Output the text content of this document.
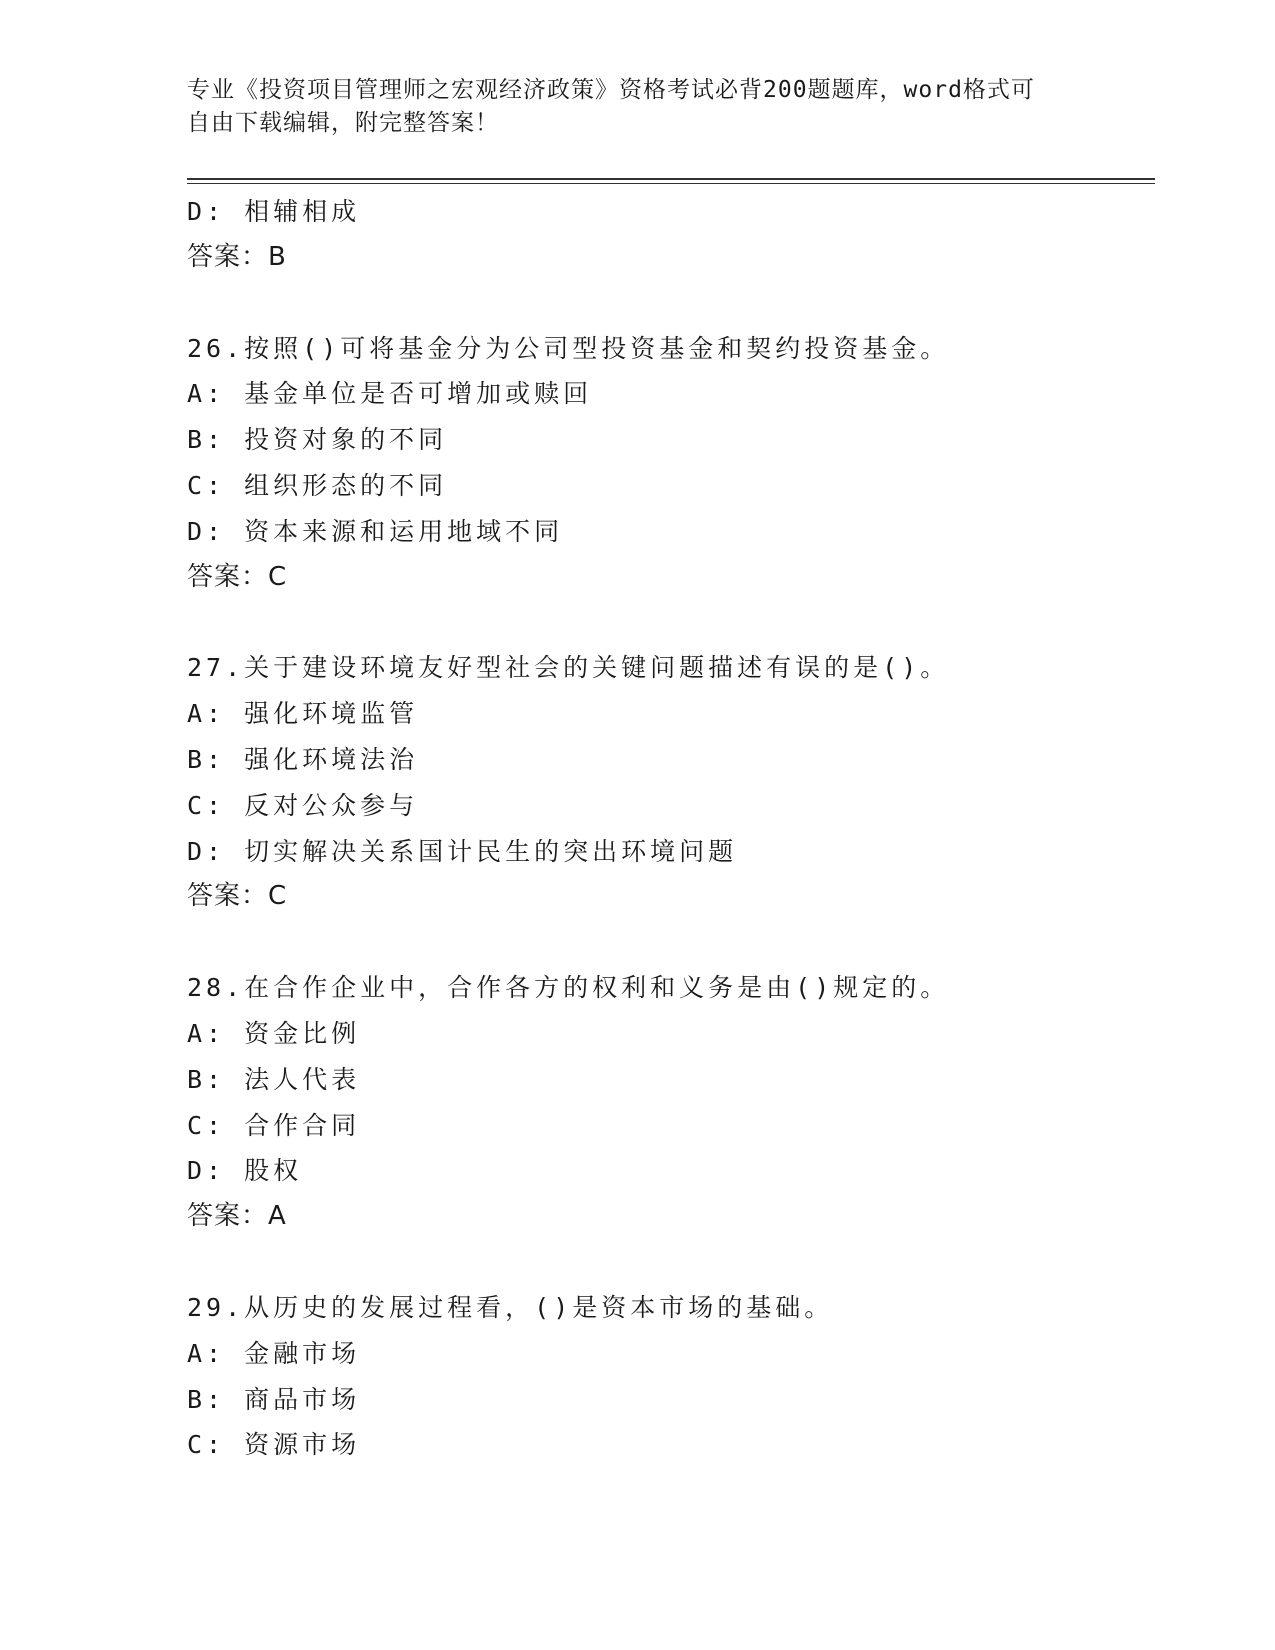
专业《投资项目管理师之宏观经济政策》资格考试必背200题题库，word格式可
自由下载编辑，附完整答案！
D: 相辅相成
答案：B
26.按照()可将基金分为公司型投资基金和契约投资基金。
A: 基金单位是否可增加或赎回
B: 投资对象的不同
C: 组织形态的不同
D: 资本来源和运用地域不同
答案：C
27.关于建设环境友好型社会的关键问题描述有误的是()。
A: 强化环境监管
B: 强化环境法治
C: 反对公众参与
D: 切实解决关系国计民生的突出环境问题
答案：C
28.在合作企业中，合作各方的权利和义务是由()规定的。
A: 资金比例
B: 法人代表
C: 合作合同
D: 股权
答案：A
29.从历史的发展过程看，()是资本市场的基础。
A: 金融市场
B: 商品市场
C: 资源市场
